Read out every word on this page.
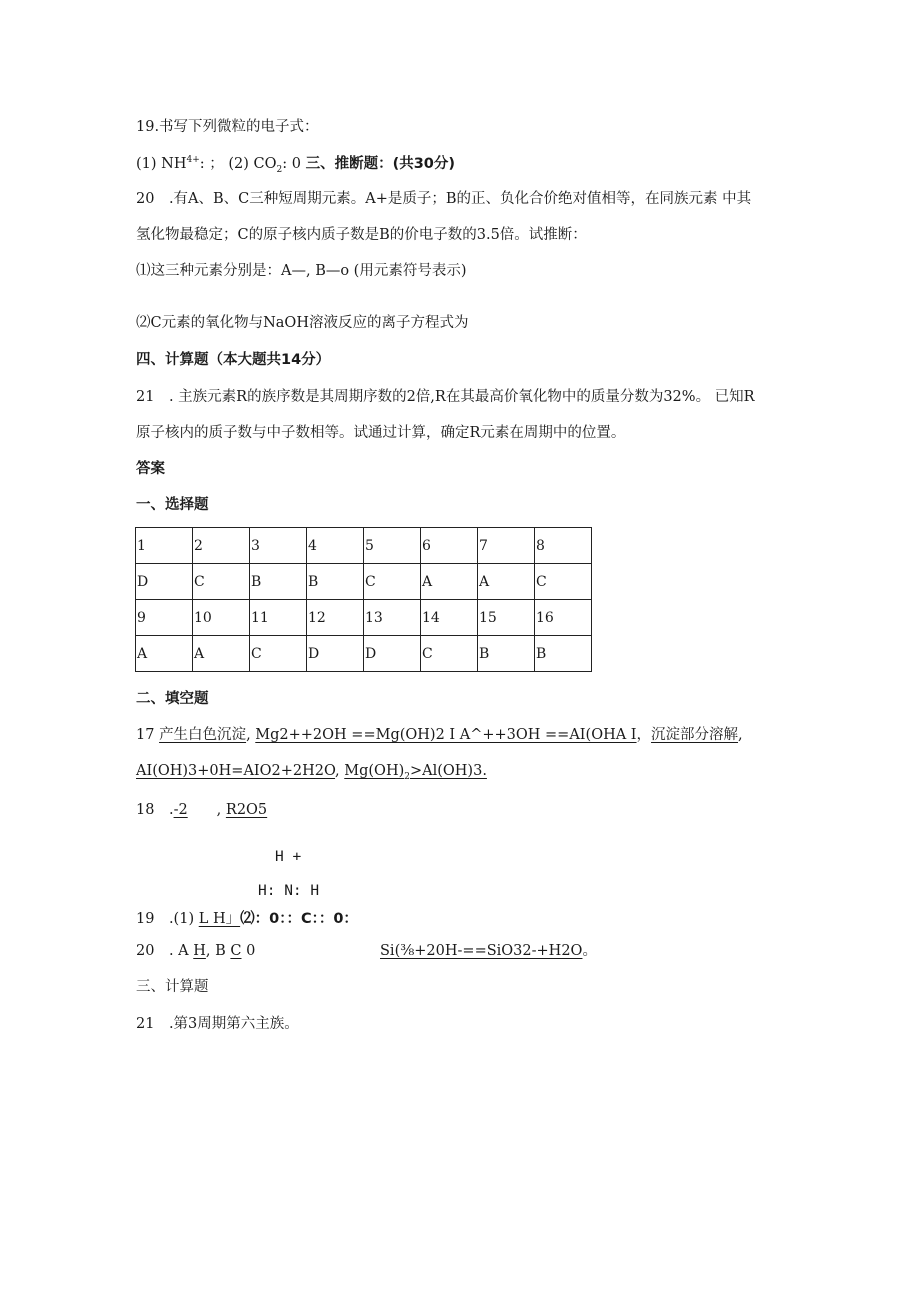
19.书写下列微粒的电子式：
(1) $NH^{4+}$: ； (2) $CO_2$: 0 三、推断题：(共30分)
20　.有A、B、C三种短周期元素。A+是质子；B的正、负化合价绝对值相等，在同族元素 中其
氢化物最稳定；C的原子核内质子数是B的价电子数的3.5倍。试推断：
⑴这三种元素分别是：A—, B—o (用元素符号表示)
⑵C元素的氧化物与NaOH溶液反应的离子方程式为
四、计算题（本大题共14分）
21　. 主族元素R的族序数是其周期序数的2倍,R在其最高价氧化物中的质量分数为32%。 已知R
原子核内的质子数与中子数相等。试通过计算，确定R元素在周期中的位置。
答案
一、选择题
1	2	3	4	5	6	7	8
D	C	B	B	C	A	A	C
9	10	11	12	13	14	15	16
A	A	C	D	D	C	B	B
二、填空题
17 产生白色沉淀, Mg2++2OH ==Mg(OH)2 I A^++3OH ==AI(OHA I，沉淀部分溶解,
AI(OH)3+0H=AIO2+2H2O, $Mg(OH)_2>Al(OH)3$.
18　.-2　　, R2O5
H +
H: N: H
19　.(1) L H」⑵：0：：C：：0：
20　. A H, B C 0	Si(⅜+20H-==SiO32-+H2O。
三、计算题
21　.第3周期第六主族。
